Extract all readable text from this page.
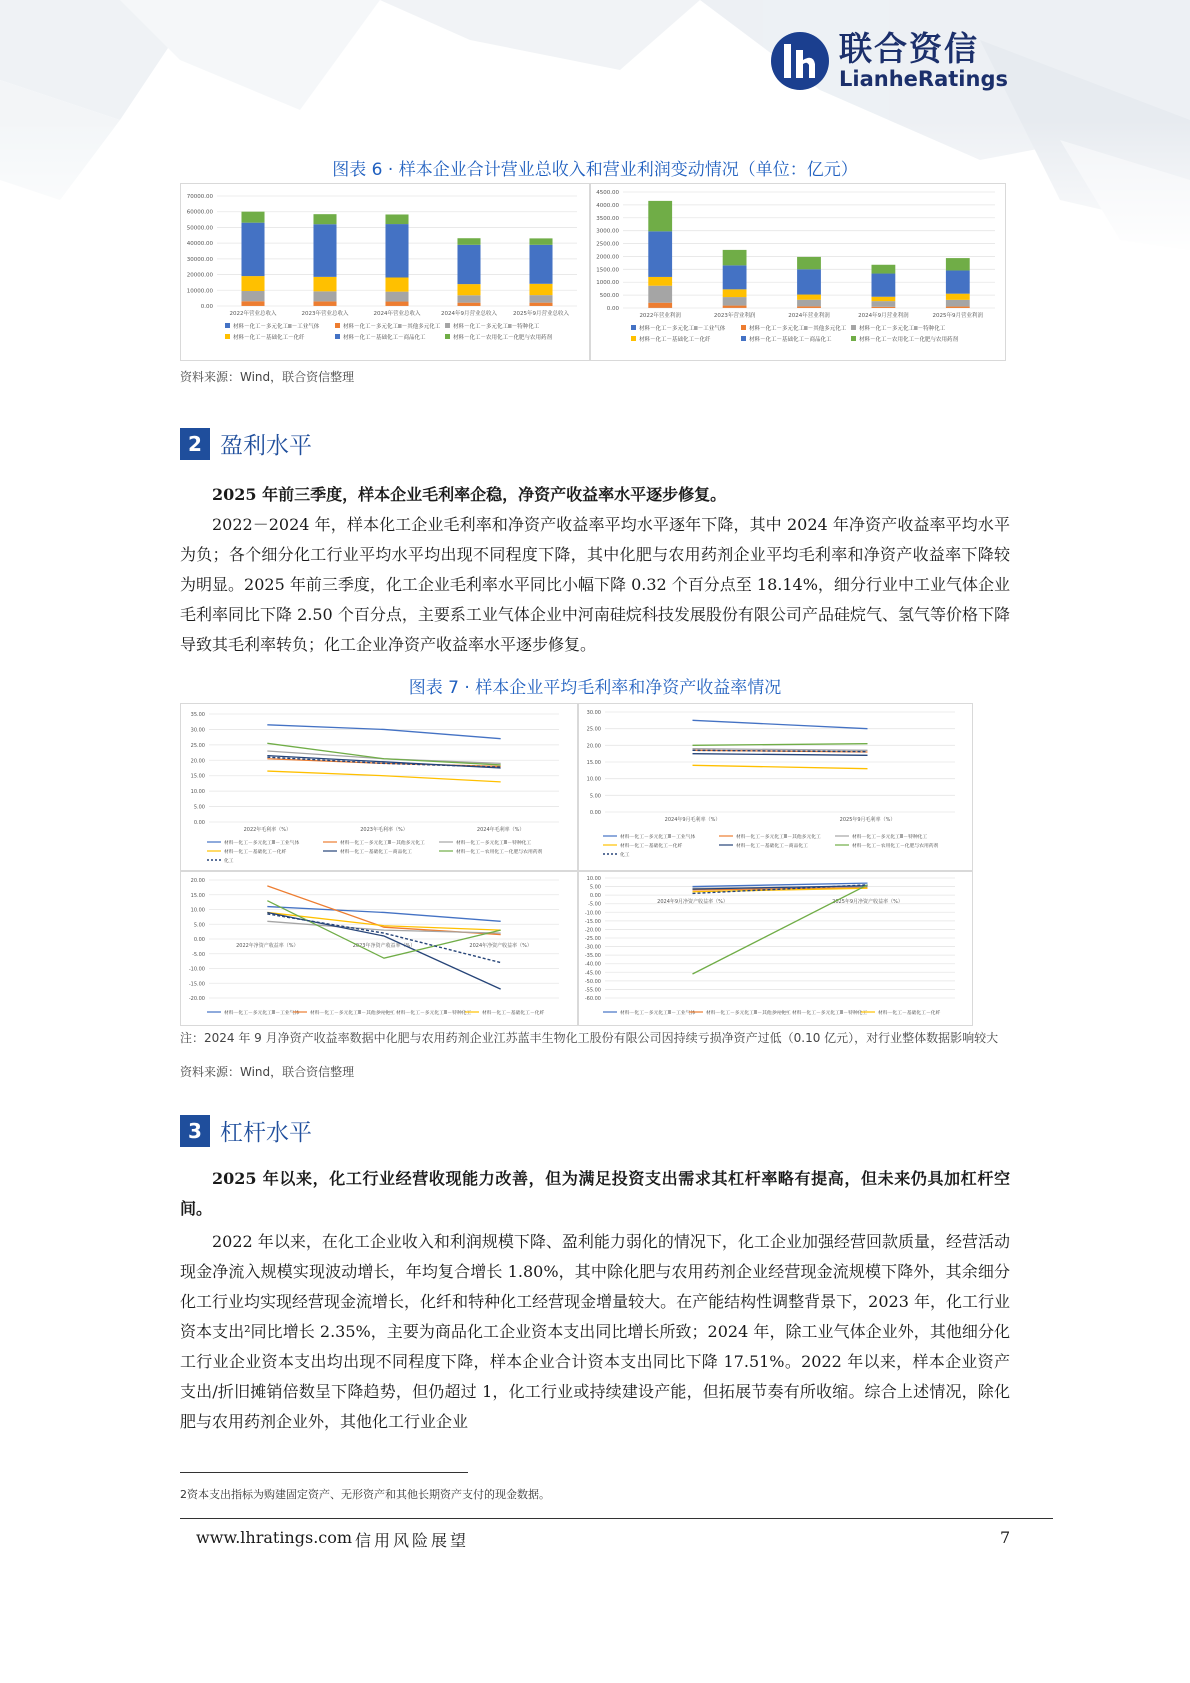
联合资信
LianheRatings
图表 6 · 样本企业合计营业总收入和营业利润变动情况（单位：亿元）
70000.00
60000.00
50000.00
40000.00
30000.00
20000.00
10000.00
0.00
2022年营业总收入	2023年营业总收入	2024年营业总收入	2024年9月营业总收入	2025年9月营业总收入
材料－化工－多元化工Ⅲ－工业气体	材料－化工－多元化工Ⅲ－其他多元化工 材料－化工－多元化工Ⅲ－特种化工
材料－化工－基础化工－化纤	材料－化工－基础化工－商品化工	材料－化工－农用化工－化肥与农用药剂
4500.00
4000.00
3500.00
3000.00
2500.00
2000.00
1500.00
1000.00
500.00
0.00
2022年营业利润	2023年营业利润	2024年营业利润	2024年9月营业利润	2025年9月营业利润
材料－化工－多元化工Ⅲ－工业气体	材料－化工－多元化工Ⅲ－其他多元化工 材料－化工－多元化工Ⅲ－特种化工
材料－化工－基础化工－化纤	材料－化工－基础化工－商品化工	材料－化工－农用化工－化肥与农用药剂
资料来源：Wind，联合资信整理
2 盈利水平
2025 年前三季度，样本企业毛利率企稳，净资产收益率水平逐步修复。
2022－2024 年，样本化工企业毛利率和净资产收益率平均水平逐年下降，其中 2024 年净资产收益率平均水平为负；各个细分化工行业平均水平均出现不同程度下降，其中化肥与农用药剂企业平均毛利率和净资产收益率下降较为明显。2025 年前三季度，化工企业毛利率水平同比小幅下降 0.32 个百分点至 18.14%，细分行业中工业气体企业毛利率同比下降 2.50 个百分点，主要系工业气体企业中河南硅烷科技发展股份有限公司产品硅烷气、氢气等价格下降导致其毛利率转负；化工企业净资产收益率水平逐步修复。
图表 7 · 样本企业平均毛利率和净资产收益率情况
35.00
30.00
25.00
20.00
15.00
10.00
5.00
0.00
2022年毛利率（%）	2023年毛利率（%）	2024年毛利率（%）
材料－化工－多元化工Ⅲ－工业气体	材料－化工－多元化工Ⅲ－其他多元化工	材料－化工－多元化工Ⅲ－特种化工
材料－化工－基础化工－化纤	材料－化工－基础化工－商品化工	材料－化工－农用化工－化肥与农用药剂
化工
30.00
25.00
20.00
15.00
10.00
5.00
0.00
2024年9月毛利率（%）	2025年9月毛利率（%）
材料－化工－多元化工Ⅲ－工业气体	材料－化工－多元化工Ⅲ－其他多元化工	材料－化工－多元化工Ⅲ－特种化工
材料－化工－基础化工－化纤	材料－化工－基础化工－商品化工	材料－化工－农用化工－化肥与农用药剂
化工
20.00
15.00
10.00
5.00
0.00
-5.00
-10.00
-15.00
-20.00
2022年净资产收益率（%）	2023年净资产收益率（%）	2024年净资产收益率（%）
材料－化工－多元化工Ⅲ－工业气体 材料－化工－多元化工Ⅲ－其他多元化工 材料－化工－多元化工Ⅲ－特种化工 材料－化工－基础化工－化纤
10.00
5.00
0.00
-5.00
-10.00
-15.00
-20.00
-25.00
-30.00
-35.00
-40.00
-45.00
-50.00
-55.00
-60.00
2024年9月净资产收益率（%）	2025年9月净资产收益率（%）
材料－化工－多元化工Ⅲ－工业气体 材料－化工－多元化工Ⅲ－其他多元化工 材料－化工－多元化工Ⅲ－特种化工 材料－化工－基础化工－化纤
注：2024 年 9 月净资产收益率数据中化肥与农用药剂企业江苏蓝丰生物化工股份有限公司因持续亏损净资产过低（0.10 亿元），对行业整体数据影响较大
资料来源：Wind，联合资信整理
3 杠杆水平
2025 年以来，化工行业经营收现能力改善，但为满足投资支出需求其杠杆率略有提高，但未来仍具加杠杆空间。
2022 年以来，在化工企业收入和利润规模下降、盈利能力弱化的情况下，化工企业加强经营回款质量，经营活动现金净流入规模实现波动增长，年均复合增长 1.80%，其中除化肥与农用药剂企业经营现金流规模下降外，其余细分化工行业均实现经营现金流增长，化纤和特种化工经营现金增量较大。在产能结构性调整背景下，2023 年，化工行业资本支出²同比增长 2.35%，主要为商品化工企业资本支出同比增长所致；2024 年，除工业气体企业外，其他细分化工行业企业资本支出均出现不同程度下降，样本企业合计资本支出同比下降 17.51%。2022 年以来，样本企业资产支出/折旧摊销倍数呈下降趋势，但仍超过 1，化工行业或持续建设产能，但拓展节奏有所收缩。综合上述情况，除化肥与农用药剂企业外，其他化工行业企业
2资本支出指标为购建固定资产、无形资产和其他长期资产支付的现金数据。
www.lhratings.com 信用风险展望	7
